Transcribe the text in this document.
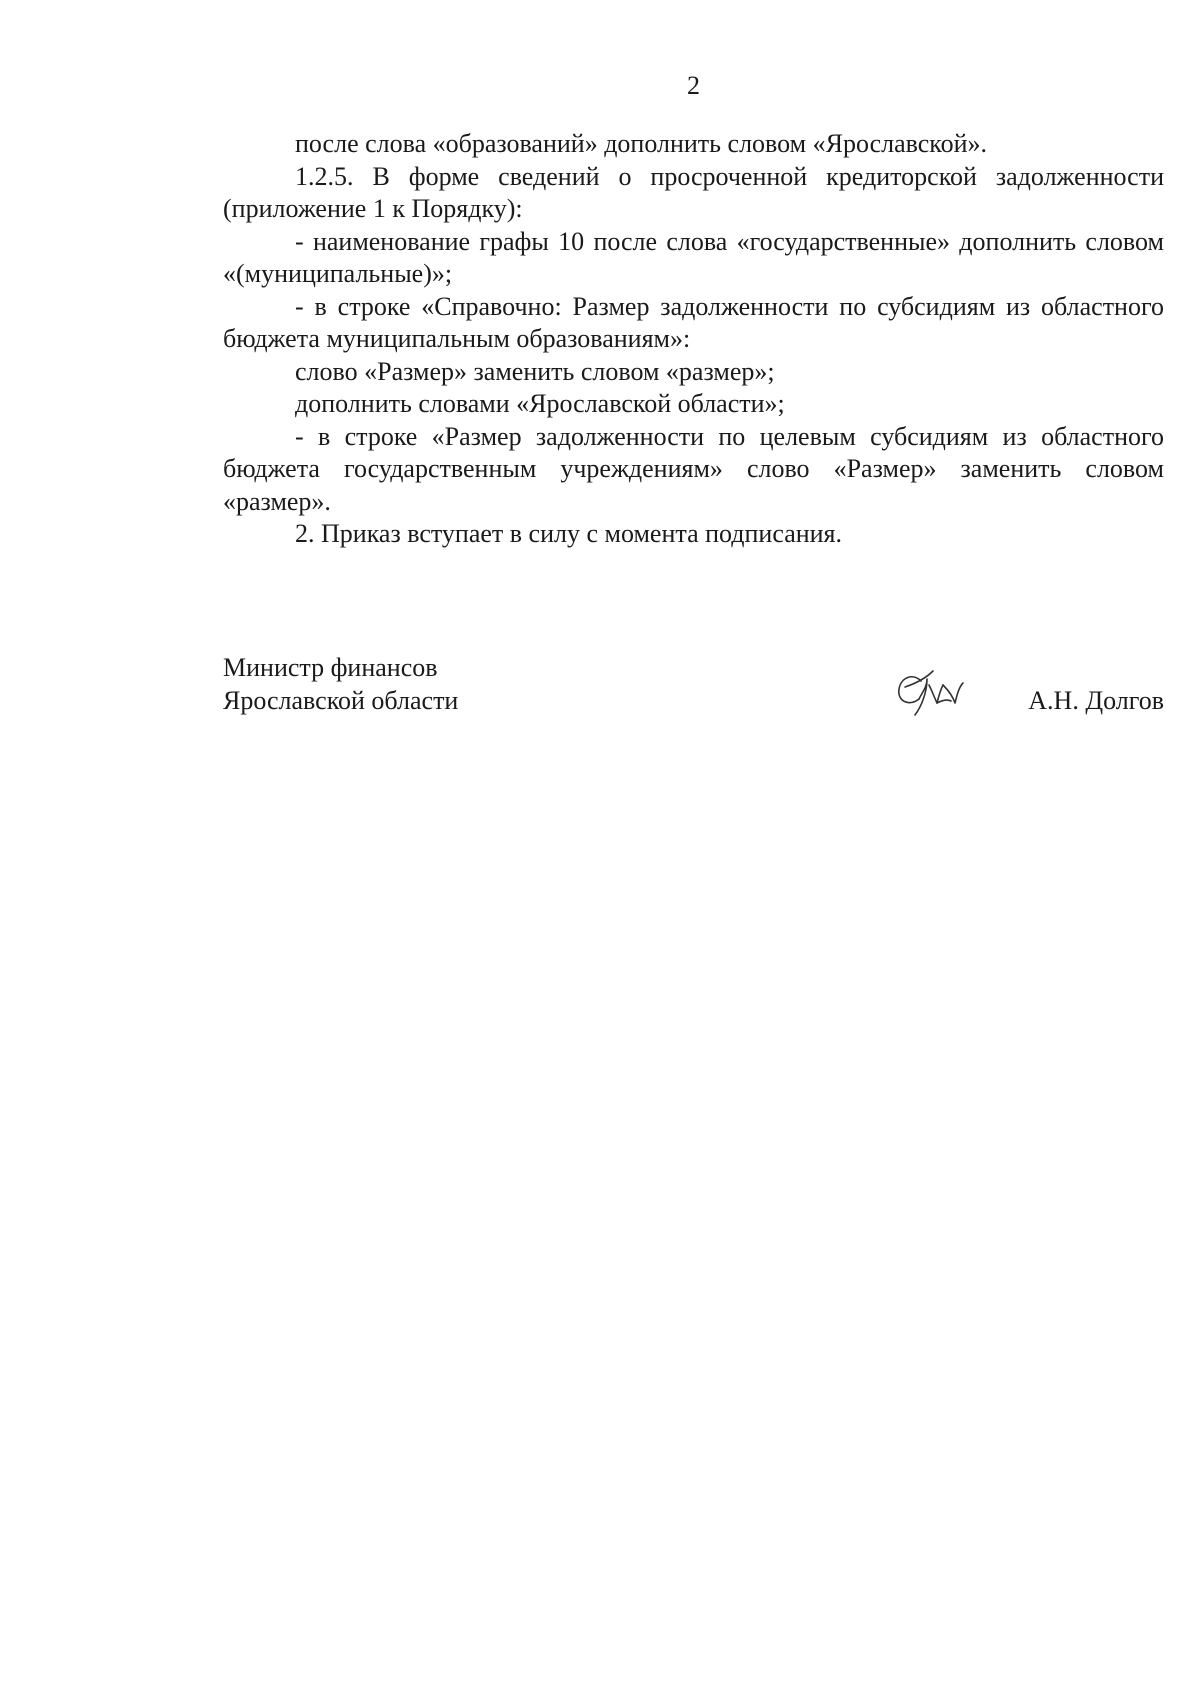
2

после слова «образований» дополнить словом «Ярославской».

1.2.5. В форме сведений о просроченной кредиторской задолженности (приложение 1 к Порядку):

- наименование графы 10 после слова «государственные» дополнить словом «(муниципальные)»;

- в строке «Справочно: Размер задолженности по субсидиям из областного бюджета муниципальным образованиям»:

слово «Размер» заменить словом «размер»;

дополнить словами «Ярославской области»;

- в строке «Размер задолженности по целевым субсидиям из областного бюджета государственным учреждениям» слово «Размер» заменить словом «размер».

2. Приказ вступает в силу с момента подписания.

Министр финансов
Ярославской области	А.Н. Долгов
